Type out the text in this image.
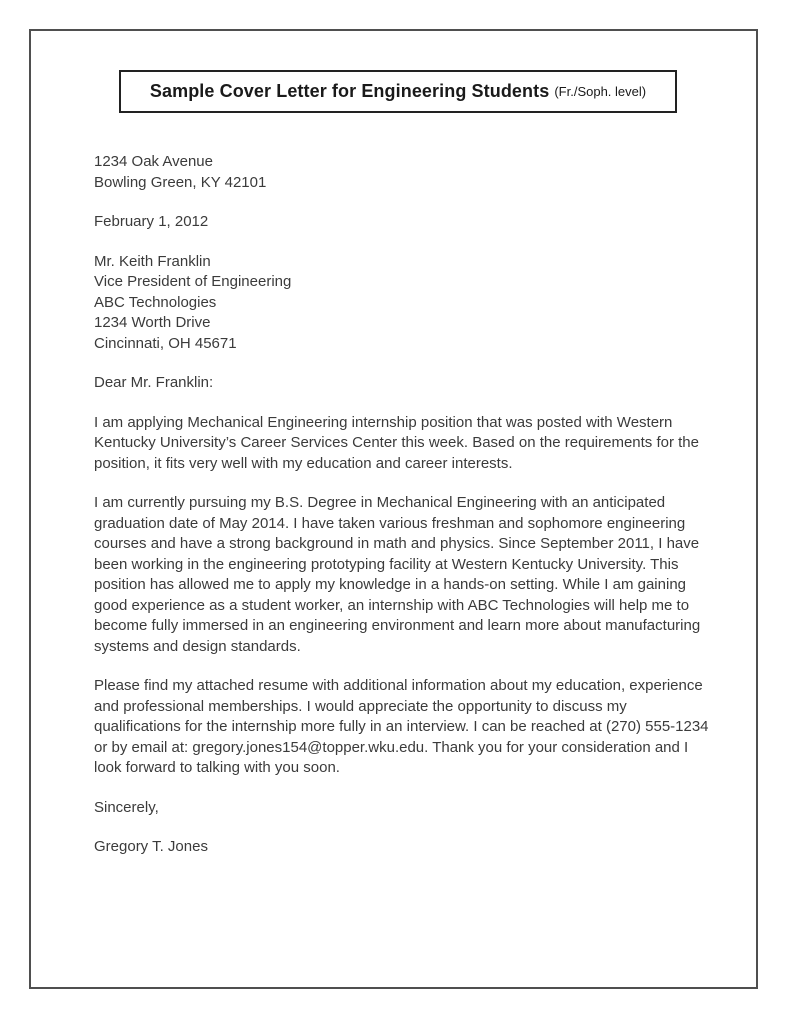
Sample Cover Letter for Engineering Students (Fr./Soph. level)
1234 Oak Avenue
Bowling Green, KY 42101
February 1, 2012
Mr. Keith Franklin
Vice President of Engineering
ABC Technologies
1234 Worth Drive
Cincinnati, OH 45671
Dear Mr. Franklin:

I am applying Mechanical Engineering internship position that was posted with Western Kentucky University’s Career Services Center this week. Based on the requirements for the position, it fits very well with my education and career interests.

I am currently pursuing my B.S. Degree in Mechanical Engineering with an anticipated graduation date of May 2014. I have taken various freshman and sophomore engineering courses and have a strong background in math and physics. Since September 2011, I have been working in the engineering prototyping facility at Western Kentucky University. This position has allowed me to apply my knowledge in a hands-on setting. While I am gaining good experience as a student worker, an internship with ABC Technologies will help me to become fully immersed in an engineering environment and learn more about manufacturing systems and design standards.

Please find my attached resume with additional information about my education, experience and professional memberships. I would appreciate the opportunity to discuss my qualifications for the internship more fully in an interview. I can be reached at (270) 555-1234 or by email at: gregory.jones154@topper.wku.edu. Thank you for your consideration and I look forward to talking with you soon.

Sincerely,
Gregory T. Jones
